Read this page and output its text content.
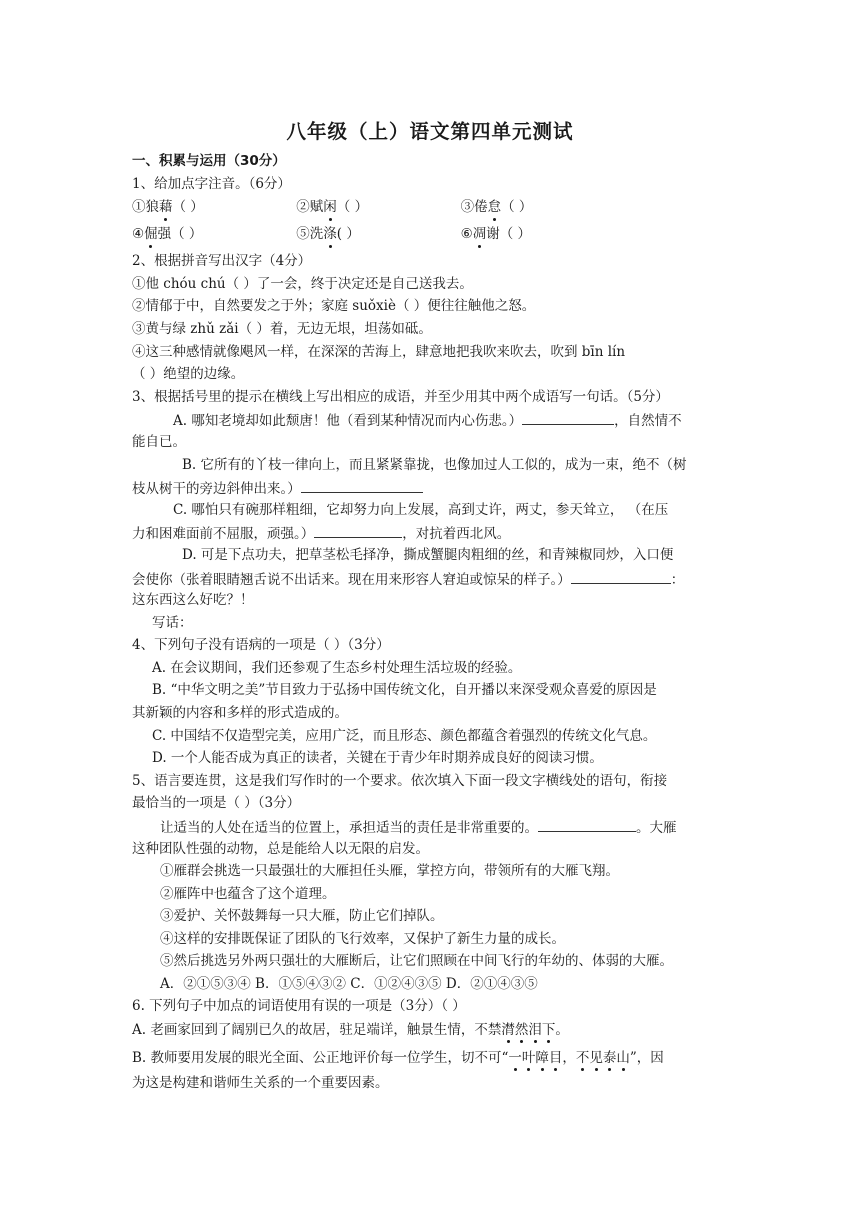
八年级（上）语文第四单元测试
一、积累与运用（30分）
1、给加点字注音。（6分）
①狼藉（ ）	②赋闲（ ）	③倦怠（ ）
④倔强（ ）	⑤洗涤( ）	⑥凋谢（ ）
2、根据拼音写出汉字（4分）
①他 chóu chú（ ）了一会，终于决定还是自己送我去。
②情郁于中，自然要发之于外；家庭 suǒxiè（ ）便往往触他之怒。
③黄与绿 zhǔ zǎi（ ）着，无边无垠，坦荡如砥。
④这三种感情就像飓风一样，在深深的苦海上，肆意地把我吹来吹去，吹到 bīn lín
（ ）绝望的边缘。
3、根据括号里的提示在横线上写出相应的成语，并至少用其中两个成语写一句话。（5分）
A. 哪知老境却如此颓唐！他（看到某种情况而内心伤悲。）	，自然情不
能自已。
B. 它所有的丫枝一律向上，而且紧紧靠拢，也像加过人工似的，成为一束，绝不（树
枝从树干的旁边斜伸出来。）
C. 哪怕只有碗那样粗细，它却努力向上发展，高到丈许，两丈，参天耸立， （在压
力和困难面前不屈服，顽强。）	，对抗着西北风。
D. 可是下点功夫，把草茎松毛择净，撕成蟹腿肉粗细的丝，和青辣椒同炒，入口便
会使你（张着眼睛翘舌说不出话来。现在用来形容人窘迫或惊呆的样子。）	：
这东西这么好吃？！
写话：
4、下列句子没有语病的一项是（ ）（3分）
A. 在会议期间，我们还参观了生态乡村处理生活垃圾的经验。
B. “中华文明之美”节目致力于弘扬中国传统文化，自开播以来深受观众喜爱的原因是
其新颖的内容和多样的形式造成的。
C. 中国结不仅造型完美，应用广泛，而且形态、颜色都蕴含着强烈的传统文化气息。
D. 一个人能否成为真正的读者，关键在于青少年时期养成良好的阅读习惯。
5、语言要连贯，这是我们写作时的一个要求。依次填入下面一段文字横线处的语句，衔接
最恰当的一项是（ ）（3分）
让适当的人处在适当的位置上，承担适当的责任是非常重要的。	。大雁
这种团队性强的动物，总是能给人以无限的启发。
①雁群会挑选一只最强壮的大雁担任头雁，掌控方向，带领所有的大雁飞翔。
②雁阵中也蕴含了这个道理。
③爱护、关怀鼓舞每一只大雁，防止它们掉队。
④这样的安排既保证了团队的飞行效率，又保护了新生力量的成长。
⑤然后挑选另外两只强壮的大雁断后，让它们照顾在中间飞行的年幼的、体弱的大雁。
A．②①⑤③④ B．①⑤④③② C．①②④③⑤ D．②①④③⑤
6. 下列句子中加点的词语使用有误的一项是（3分）（ ）
A. 老画家回到了阔别已久的故居，驻足端详，触景生情，不禁潸然泪下。
B. 教师要用发展的眼光全面、公正地评价每一位学生，切不可“一叶障目，不见泰山”，因
为这是构建和谐师生关系的一个重要因素。
